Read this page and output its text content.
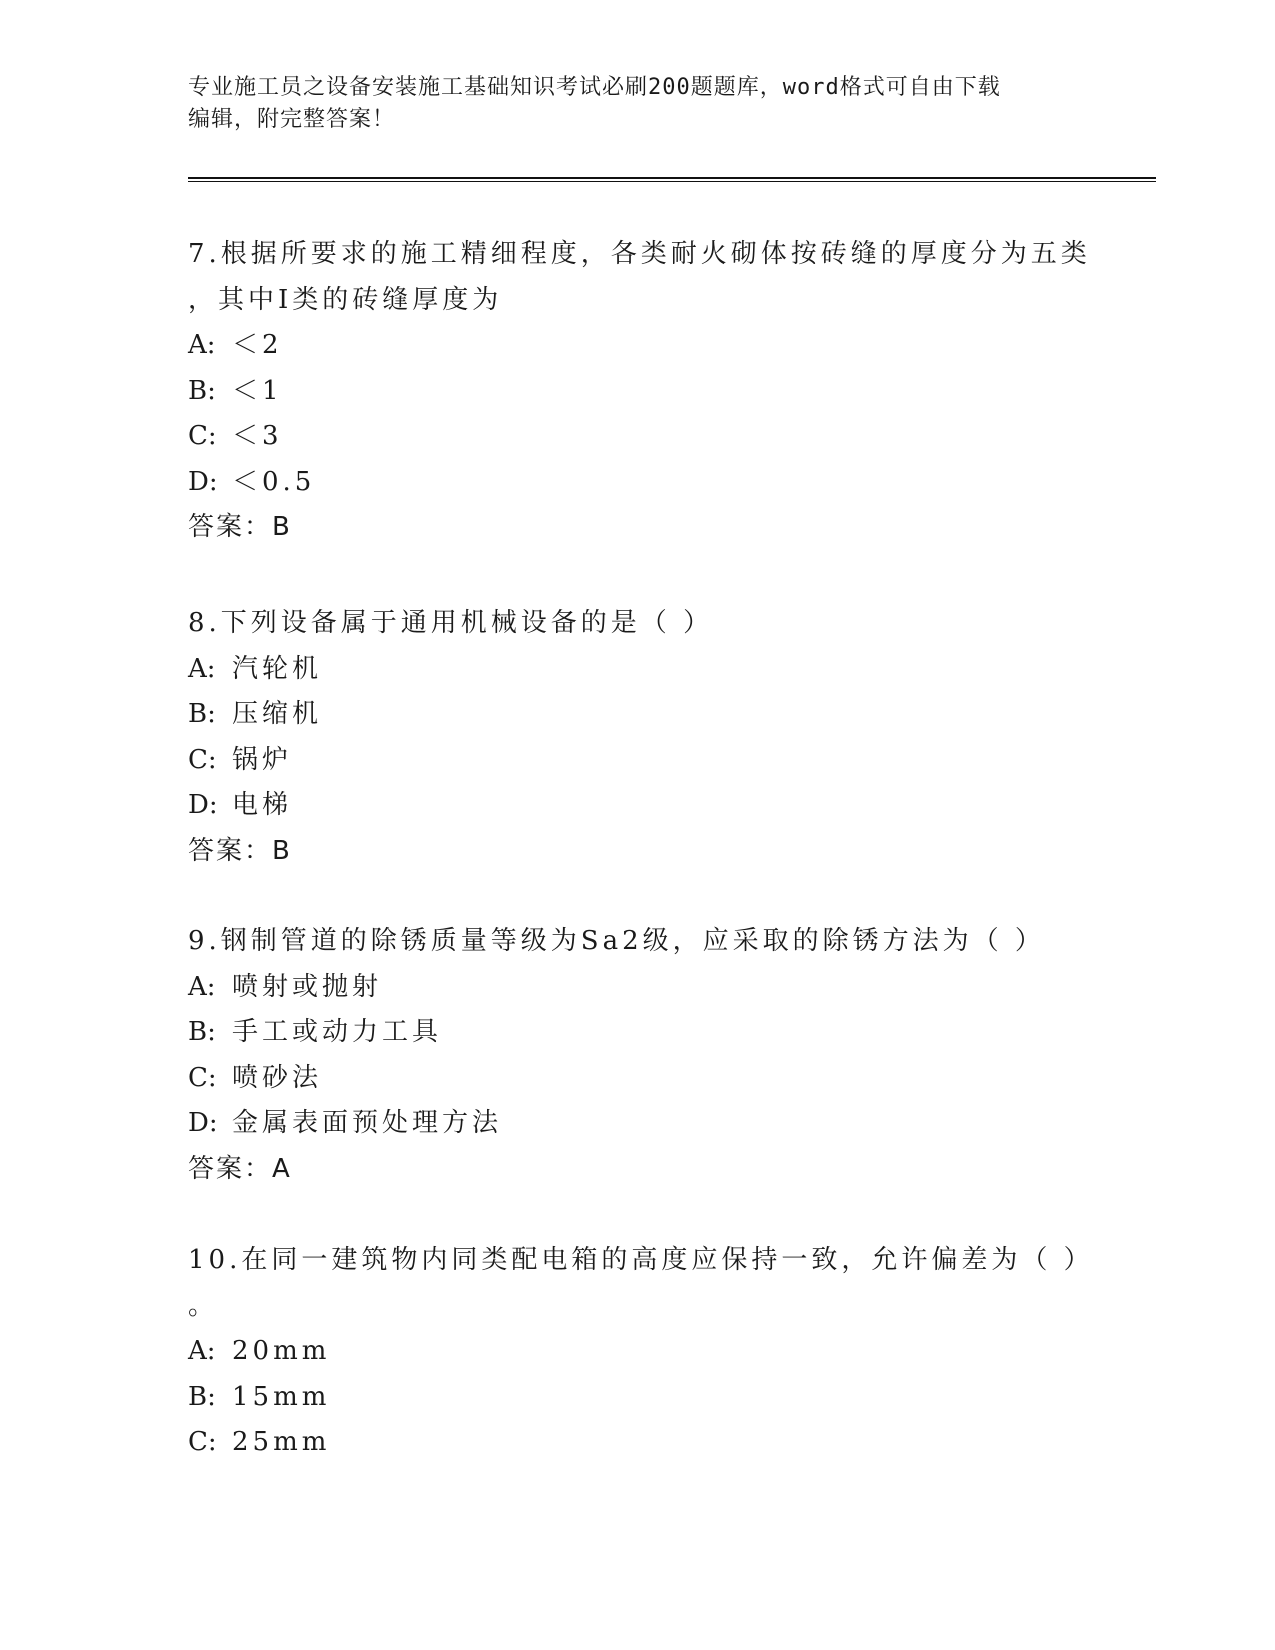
专业施工员之设备安装施工基础知识考试必刷200题题库，word格式可自由下载
编辑，附完整答案！
7.根据所要求的施工精细程度，各类耐火砌体按砖缝的厚度分为五类
，其中Ⅰ类的砖缝厚度为
A: ＜2
B: ＜1
C: ＜3
D: ＜0.5
答案：B
8.下列设备属于通用机械设备的是（ ）
A: 汽轮机
B: 压缩机
C: 锅炉
D: 电梯
答案：B
9.钢制管道的除锈质量等级为Sa2级，应采取的除锈方法为（ ）
A: 喷射或抛射
B: 手工或动力工具
C: 喷砂法
D: 金属表面预处理方法
答案：A
10.在同一建筑物内同类配电箱的高度应保持一致，允许偏差为（ ）
。
A: 20mm
B: 15mm
C: 25mm
